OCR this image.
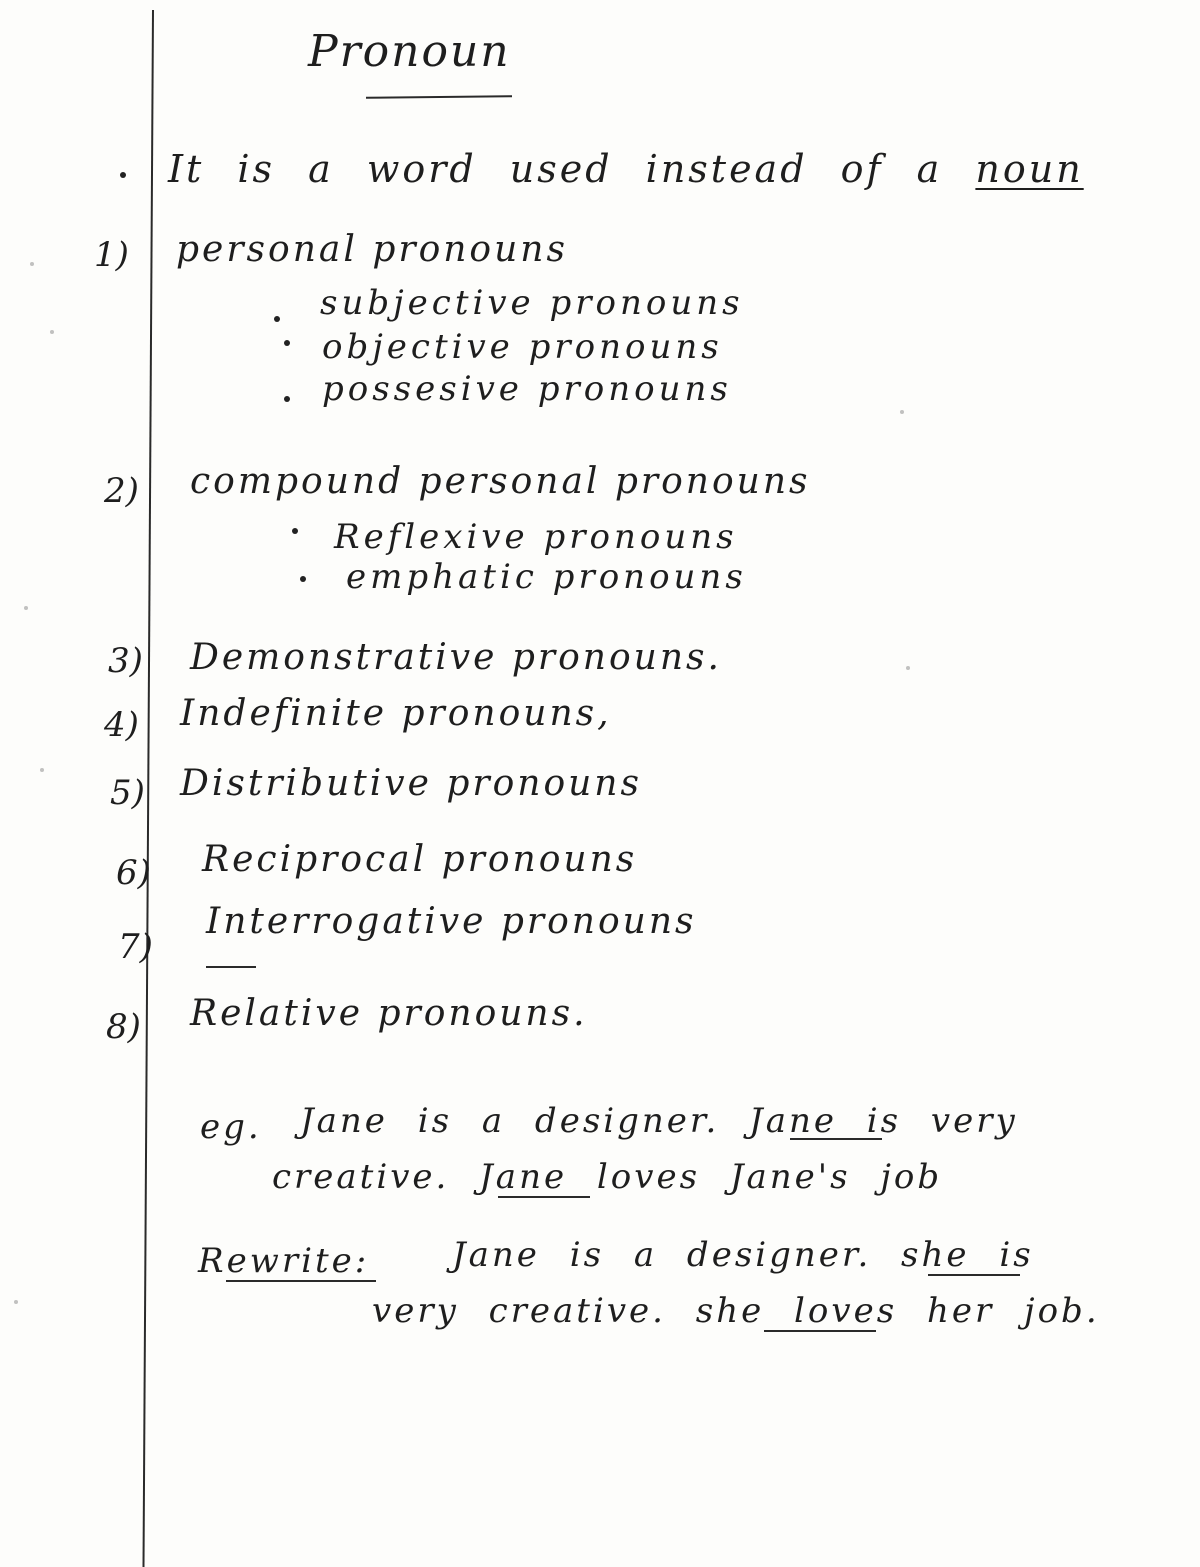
Pronoun
It is a word used instead of a noun
1) personal pronouns
subjective pronouns
objective pronouns
possesive pronouns
2) compound personal pronouns
Reflexive pronouns
emphatic pronouns
3) Demonstrative pronouns.
4) Indefinite pronouns,
5) Distributive pronouns
6) Reciprocal pronouns
7)
Interrogative pronouns
8) Relative pronouns.
eg. Jane is a designer. Jane is very
creative. Jane loves Jane's job
Rewrite: Jane is a designer. she is
very creative. she loves her job.
